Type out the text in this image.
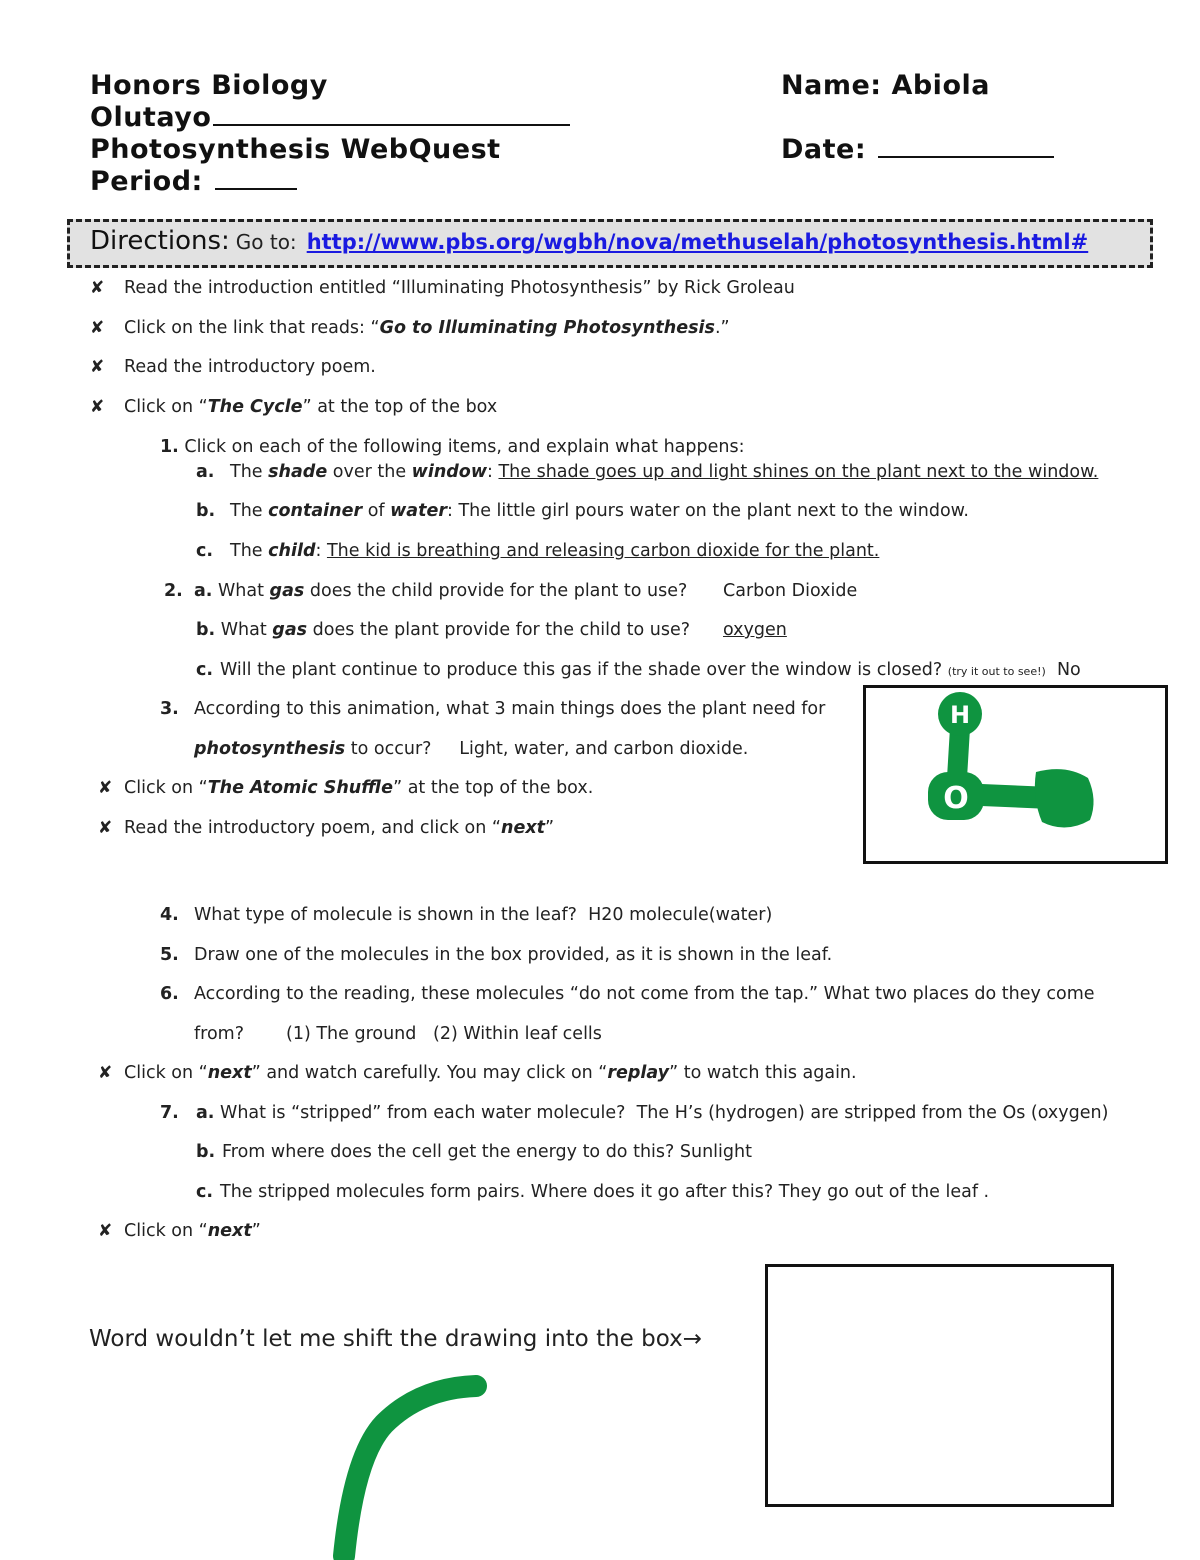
Honors Biology	Name: Abiola
Olutayo
Photosynthesis WebQuest	Date:
Period:
Directions: Go to: http://www.pbs.org/wgbh/nova/methuselah/photosynthesis.html#
✘ Read the introduction entitled “Illuminating Photosynthesis” by Rick Groleau
✘ Click on the link that reads: “Go to Illuminating Photosynthesis.”
✘ Read the introductory poem.
✘ Click on “The Cycle” at the top of the box
1. Click on each of the following items, and explain what happens:
a. The shade over the window: The shade goes up and light shines on the plant next to the window.
b. The container of water: The little girl pours water on the plant next to the window.
c. The child: The kid is breathing and releasing carbon dioxide for the plant.
2. a. What gas does the child provide for the plant to use? Carbon Dioxide
b. What gas does the plant provide for the child to use? oxygen
c. Will the plant continue to produce this gas if the shade over the window is closed? (try it out to see!) No
3. According to this animation, what 3 main things does the plant need for
photosynthesis to occur? Light, water, and carbon dioxide.
H
O
✘ Click on “The Atomic Shuffle” at the top of the box.
✘ Read the introductory poem, and click on “next”
4. What type of molecule is shown in the leaf? H20 molecule(water)
5. Draw one of the molecules in the box provided, as it is shown in the leaf.
6. According to the reading, these molecules “do not come from the tap.” What two places do they come
from? (1) The ground (2) Within leaf cells
✘ Click on “next” and watch carefully. You may click on “replay” to watch this again.
7. a. What is “stripped” from each water molecule? The H’s (hydrogen) are stripped from the Os (oxygen)
b. From where does the cell get the energy to do this? Sunlight
c. The stripped molecules form pairs. Where does it go after this? They go out of the leaf .
✘ Click on “next”
Word wouldn’t let me shift the drawing into the box→
